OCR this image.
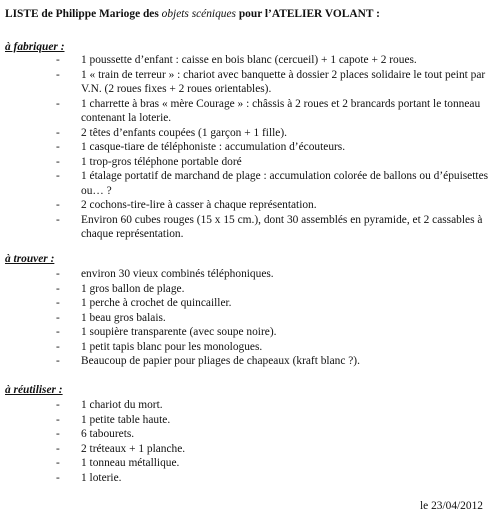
LISTE de Philippe Marioge des objets scéniques pour l’ATELIER VOLANT :
à fabriquer :
- 1 poussette d’enfant : caisse en bois blanc (cercueil) + 1 capote + 2 roues.
- 1 « train de terreur » : chariot avec banquette à dossier 2 places solidaire le tout peint par V.N. (2 roues fixes + 2 roues orientables).
- 1 charrette à bras « mère Courage » : châssis à 2 roues et 2 brancards portant le tonneau contenant la loterie.
- 2 têtes d’enfants coupées (1 garçon + 1 fille).
- 1 casque-tiare de téléphoniste : accumulation d’écouteurs.
- 1 trop-gros téléphone portable doré
- 1 étalage portatif de marchand de plage : accumulation colorée de ballons ou d’épuisettes ou… ?
- 2 cochons-tire-lire à casser à chaque représentation.
- Environ 60 cubes rouges (15 x 15 cm.), dont 30 assemblés en pyramide, et 2 cassables à chaque représentation.
à trouver :
- environ 30 vieux combinés téléphoniques.
- 1 gros ballon de plage.
- 1 perche à crochet de quincailler.
- 1 beau gros balais.
- 1 soupière transparente (avec soupe noire).
- 1 petit tapis blanc pour les monologues.
- Beaucoup de papier pour pliages de chapeaux (kraft blanc ?).
à réutiliser :
- 1 chariot du mort.
- 1 petite table haute.
- 6 tabourets.
- 2 tréteaux + 1 planche.
- 1 tonneau métallique.
- 1 loterie.
le 23/04/2012
